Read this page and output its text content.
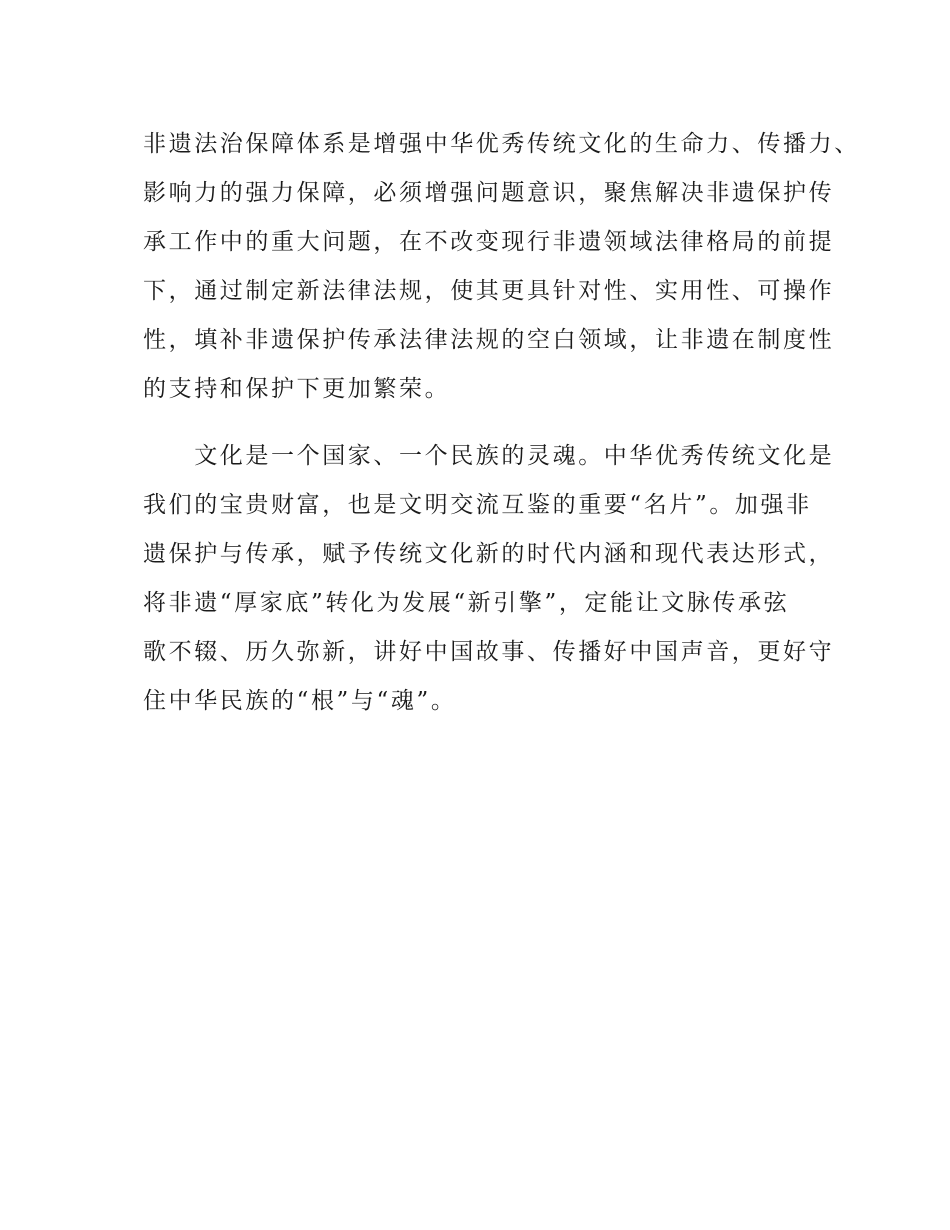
非遗法治保障体系是增强中华优秀传统文化的生命力、传播力、
影响力的强力保障，必须增强问题意识，聚焦解决非遗保护传
承工作中的重大问题，在不改变现行非遗领域法律格局的前提
下，通过制定新法律法规，使其更具针对性、实用性、可操作
性，填补非遗保护传承法律法规的空白领域，让非遗在制度性
的支持和保护下更加繁荣。
　　文化是一个国家、一个民族的灵魂。中华优秀传统文化是
我们的宝贵财富，也是文明交流互鉴的重要“名片”。加强非
遗保护与传承，赋予传统文化新的时代内涵和现代表达形式，
将非遗“厚家底”转化为发展“新引擎”，定能让文脉传承弦
歌不辍、历久弥新，讲好中国故事、传播好中国声音，更好守
住中华民族的“根”与“魂”。
